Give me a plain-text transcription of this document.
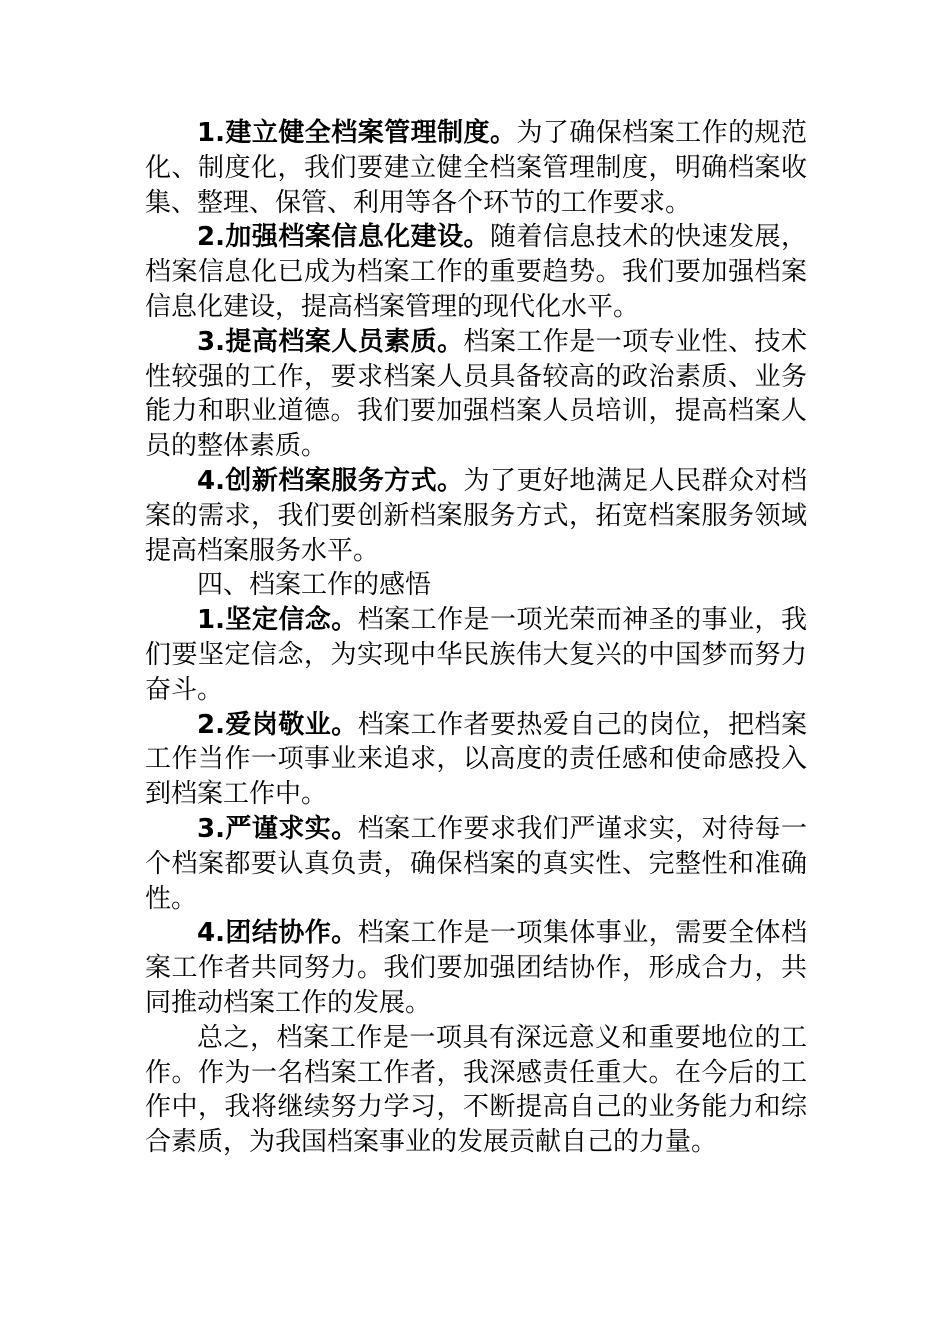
1.建立健全档案管理制度。为了确保档案工作的规范化、制度化，我们要建立健全档案管理制度，明确档案收集、整理、保管、利用等各个环节的工作要求。

2.加强档案信息化建设。随着信息技术的快速发展，档案信息化已成为档案工作的重要趋势。我们要加强档案信息化建设，提高档案管理的现代化水平。

3.提高档案人员素质。档案工作是一项专业性、技术性较强的工作，要求档案人员具备较高的政治素质、业务能力和职业道德。我们要加强档案人员培训，提高档案人员的整体素质。

4.创新档案服务方式。为了更好地满足人民群众对档案的需求，我们要创新档案服务方式，拓宽档案服务领域提高档案服务水平。

四、档案工作的感悟

1.坚定信念。档案工作是一项光荣而神圣的事业，我们要坚定信念，为实现中华民族伟大复兴的中国梦而努力奋斗。

2.爱岗敬业。档案工作者要热爱自己的岗位，把档案工作当作一项事业来追求，以高度的责任感和使命感投入到档案工作中。

3.严谨求实。档案工作要求我们严谨求实，对待每一个档案都要认真负责，确保档案的真实性、完整性和准确性。

4.团结协作。档案工作是一项集体事业，需要全体档案工作者共同努力。我们要加强团结协作，形成合力，共同推动档案工作的发展。

总之，档案工作是一项具有深远意义和重要地位的工作。作为一名档案工作者，我深感责任重大。在今后的工作中，我将继续努力学习，不断提高自己的业务能力和综合素质，为我国档案事业的发展贡献自己的力量。
